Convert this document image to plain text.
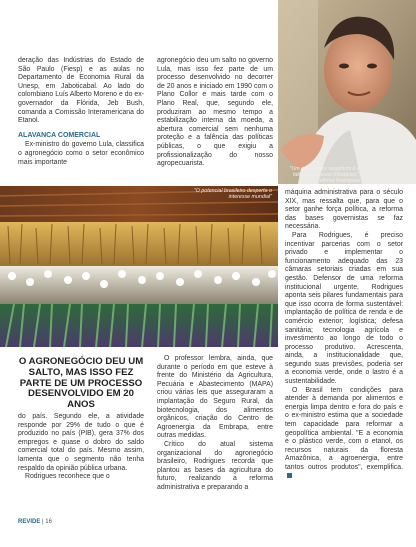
deração das Indústrias do Estado de São Paulo (Fiesp) e as aulas no Departamento de Economia Rural da Unesp, em Jaboticabal. Ao lado do colombiano Luís Alberto Moreno e do ex-governador da Flórida, Jeb Bush, comanda a Comissão Interamericana do Etanol.

ALAVANCA COMERCIAL

Ex-ministro do governo Lula, classifica o agronegócio como o setor econômico mais importante

agronegócio deu um salto no governo Lula, mas isso fez parte de um processo desenvolvido no decorrer de 20 anos e iniciado em 1990 com o Plano Collor e mais tarde com o Plano Real, que, segundo ele, produziram ao mesmo tempo a estabilização interna da moeda, a abertura comercial sem nenhuma proteção e a falência das políticas públicas, o que exigiu a profissionalização do nosso agropecuarista.

"Um dos pontos negativos é a falta de recursos tributários", afirma Rodrigues
"O potencial brasileiro desperta o interesse mundial"

máquina administrativa para o século XIX, mas ressalta que, para que o setor ganhe força política, a reforma das bases governistas se faz necessária.

Para Rodrigues, é preciso incentivar parcerias com o setor privado e implementar o funcionamento adequado das 23 câmaras setoriais criadas em sua gestão. Defensor de uma reforma institucional urgente, Rodrigues aponta seis pilares fundamentais para que isso ocorra de forma sustentável: implantação de política de renda e de comércio exterior; logística; defesa sanitária; tecnologia agrícola e investimento ao longo de todo o processo produtivo. Acrescenta, ainda, a institucionalidade que, segundo suas previsões, poderia ser a economia verde, onde o lastro é a sustentabilidade.

O Brasil tem condições para atender à demanda por alimentos e energia limpa dentro e fora do país e o ex-ministro estima que a sociedade tem capacidade para reformar a geopolítica ambiental. "E a economia e o plástico verde, com o etanol, os recursos naturais da floresta Amazônica, a agroenergia, entre tantos outros produtos", exemplifica.

O AGRONEGÓCIO DEU UM SALTO, MAS ISSO FEZ PARTE DE UM PROCESSO DESENVOLVIDO EM 20 ANOS

do país. Segundo ele, a atividade responde por 29% de tudo o que é produzido no país (PIB), gera 37% dos empregos e quase o dobro do saldo comercial total do país. Mesmo assim, lamenta que o segmento não tenha respaldo da opinião pública urbana.

Rodrigues reconhece que o

O professor lembra, ainda, que durante o período em que esteve à frente do Ministério da Agricultura, Pecuária e Abastecimento (MAPA) criou várias leis que asseguraram a implantação do Seguro Rural, da biotecnologia, dos alimentos orgânicos, criação do Centro de Agroenergia da Embrapa, entre outras medidas.

Crítico do atual sistema organizacional do agronegócio brasileiro, Rodrigues recorda que plantou as bases da agricultura do futuro, realizando a reforma administrativa e preparando a

REVIDE | 16
